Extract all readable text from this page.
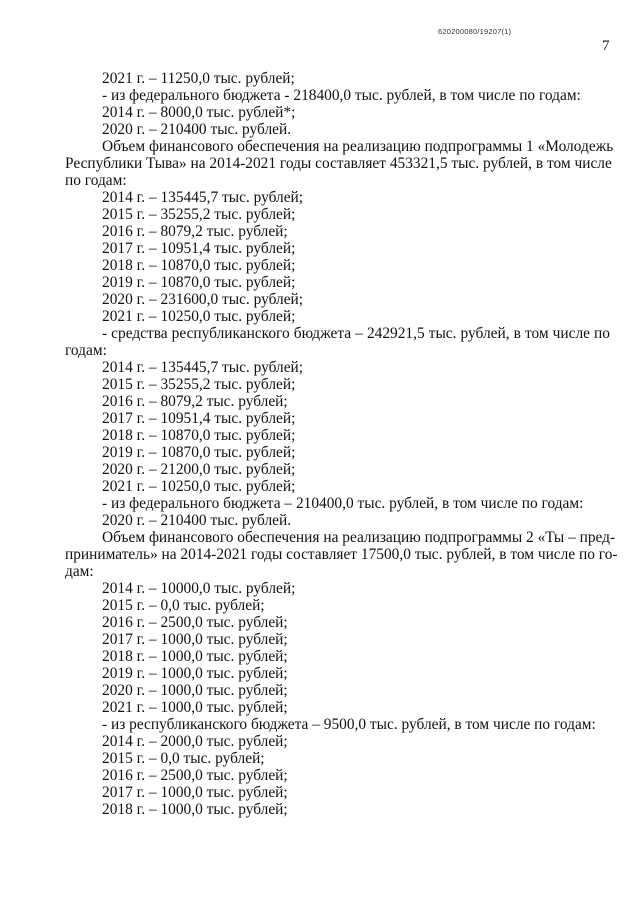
620200080/19207(1)
7
2021 г. – 11250,0 тыс. рублей;
- из федерального бюджета - 218400,0 тыс. рублей, в том числе по годам:
2014 г. – 8000,0 тыс. рублей*;
2020 г. – 210400 тыс. рублей.
Объем финансового обеспечения на реализацию подпрограммы 1 «Молодежь
Республики Тыва» на 2014-2021 годы составляет 453321,5 тыс. рублей, в том числе
по годам:
2014 г. – 135445,7 тыс. рублей;
2015 г. – 35255,2 тыс. рублей;
2016 г. – 8079,2 тыс. рублей;
2017 г. – 10951,4 тыс. рублей;
2018 г. – 10870,0 тыс. рублей;
2019 г. – 10870,0 тыс. рублей;
2020 г. – 231600,0 тыс. рублей;
2021 г. – 10250,0 тыс. рублей;
- средства республиканского бюджета – 242921,5 тыс. рублей, в том числе по
годам:
2014 г. – 135445,7 тыс. рублей;
2015 г. – 35255,2 тыс. рублей;
2016 г. – 8079,2 тыс. рублей;
2017 г. – 10951,4 тыс. рублей;
2018 г. – 10870,0 тыс. рублей;
2019 г. – 10870,0 тыс. рублей;
2020 г. – 21200,0 тыс. рублей;
2021 г. – 10250,0 тыс. рублей;
- из федерального бюджета – 210400,0 тыс. рублей, в том числе по годам:
2020 г. – 210400 тыс. рублей.
Объем финансового обеспечения на реализацию подпрограммы 2 «Ты – пред-
приниматель» на 2014-2021 годы составляет 17500,0 тыс. рублей, в том числе по го-
дам:
2014 г. – 10000,0 тыс. рублей;
2015 г. – 0,0 тыс. рублей;
2016 г. – 2500,0 тыс. рублей;
2017 г. – 1000,0 тыс. рублей;
2018 г. – 1000,0 тыс. рублей;
2019 г. – 1000,0 тыс. рублей;
2020 г. – 1000,0 тыс. рублей;
2021 г. – 1000,0 тыс. рублей;
- из республиканского бюджета – 9500,0 тыс. рублей, в том числе по годам:
2014 г. – 2000,0 тыс. рублей;
2015 г. – 0,0 тыс. рублей;
2016 г. – 2500,0 тыс. рублей;
2017 г. – 1000,0 тыс. рублей;
2018 г. – 1000,0 тыс. рублей;
